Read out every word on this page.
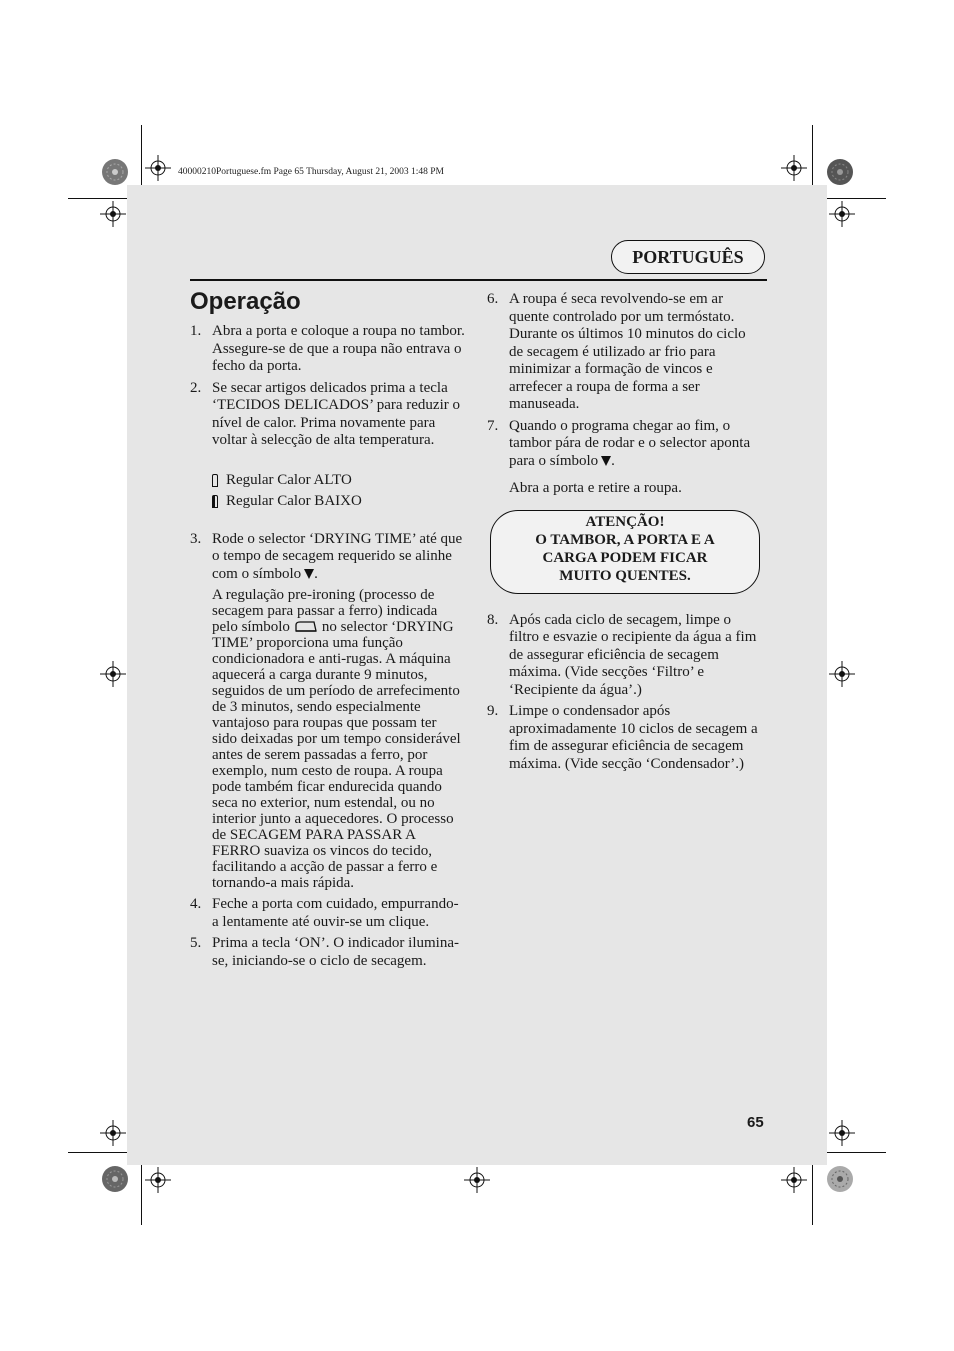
40000210Portuguese.fm Page 65 Thursday, August 21, 2003 1:48 PM
PORTUGUÊS
Operação
1. Abra a porta e coloque a roupa no tambor. Assegure-se de que a roupa não entrava o fecho da porta.
2. Se secar artigos delicados prima a tecla ‘TECIDOS DELICADOS’ para reduzir o nível de calor. Prima novamente para voltar à selecção de alta temperatura.
Regular Calor ALTO
Regular Calor BAIXO
3. Rode o selector ‘DRYING TIME’ até que o tempo de secagem requerido se alinhe com o símbolo .

A regulação pre-ironing (processo de secagem para passar a ferro) indicada pelo símbolo no selector ‘DRYING TIME’ proporciona uma função condicionadora e anti-rugas. A máquina aquecerá a carga durante 9 minutos, seguidos de um período de arrefecimento de 3 minutos, sendo especialmente vantajoso para roupas que possam ter sido deixadas por um tempo considerável antes de serem passadas a ferro, por exemplo, num cesto de roupa. A roupa pode também ficar endurecida quando seca no exterior, num estendal, ou no interior junto a aquecedores. O processo de SECAGEM PARA PASSAR A FERRO suaviza os vincos do tecido, facilitando a acção de passar a ferro e tornando-a mais rápida.

4. Feche a porta com cuidado, empurrando-a lentamente até ouvir-se um clique.
5. Prima a tecla ‘ON’. O indicador ilumina-se, iniciando-se o ciclo de secagem.
6. A roupa é seca revolvendo-se em ar quente controlado por um termóstato. Durante os últimos 10 minutos do ciclo de secagem é utilizado ar frio para minimizar a formação de vincos e arrefecer a roupa de forma a ser manuseada.
7. Quando o programa chegar ao fim, o tambor pára de rodar e o selector aponta para o símbolo .

Abra a porta e retire a roupa.

ATENÇÃO!
O TAMBOR, A PORTA E A
CARGA PODEM FICAR
MUITO QUENTES.
8. Após cada ciclo de secagem, limpe o filtro e esvazie o recipiente da água a fim de assegurar eficiência de secagem máxima. (Vide secções ‘Filtro’ e ‘Recipiente da água’.)
9. Limpe o condensador após aproximadamente 10 ciclos de secagem a fim de assegurar eficiência de secagem máxima. (Vide secção ‘Condensador’.)
65
